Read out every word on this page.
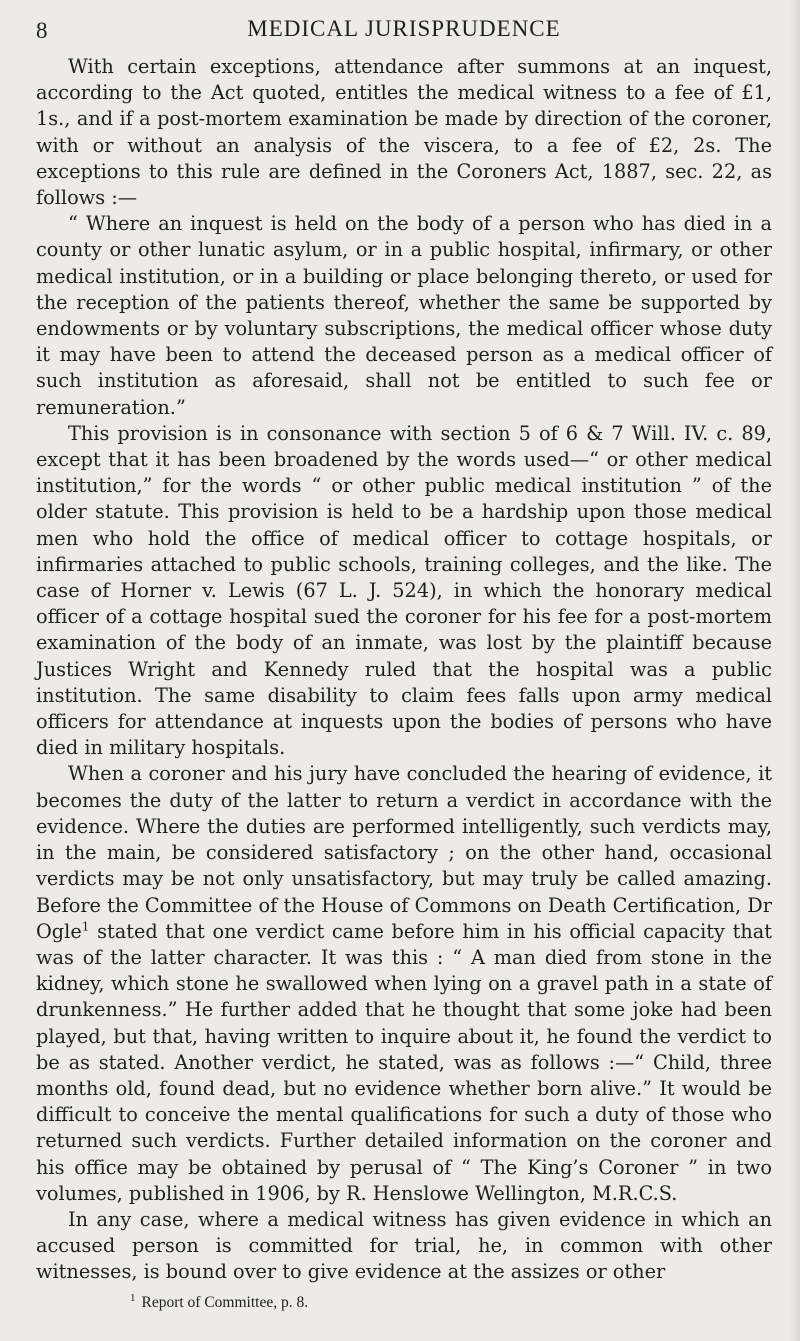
8	MEDICAL JURISPRUDENCE

With certain exceptions, attendance after summons at an inquest, according to the Act quoted, entitles the medical witness to a fee of £1, 1s., and if a post-mortem examination be made by direction of the coroner, with or without an analysis of the viscera, to a fee of £2, 2s. The exceptions to this rule are defined in the Coroners Act, 1887, sec. 22, as follows :—

“ Where an inquest is held on the body of a person who has died in a county or other lunatic asylum, or in a public hospital, infirmary, or other medical institution, or in a building or place belonging thereto, or used for the reception of the patients thereof, whether the same be supported by endowments or by voluntary subscriptions, the medical officer whose duty it may have been to attend the deceased person as a medical officer of such institution as aforesaid, shall not be entitled to such fee or remuneration.”

This provision is in consonance with section 5 of 6 & 7 Will. IV. c. 89, except that it has been broadened by the words used—“ or other medical institution,” for the words “ or other public medical institution ” of the older statute. This provision is held to be a hardship upon those medical men who hold the office of medical officer to cottage hospitals, or infirmaries attached to public schools, training colleges, and the like. The case of Horner v. Lewis (67 L. J. 524), in which the honorary medical officer of a cottage hospital sued the coroner for his fee for a post-mortem examination of the body of an inmate, was lost by the plaintiff because Justices Wright and Kennedy ruled that the hospital was a public institution. The same disability to claim fees falls upon army medical officers for attendance at inquests upon the bodies of persons who have died in military hospitals.

When a coroner and his jury have concluded the hearing of evidence, it becomes the duty of the latter to return a verdict in accordance with the evidence. Where the duties are performed intelligently, such verdicts may, in the main, be considered satisfactory ; on the other hand, occasional verdicts may be not only unsatisfactory, but may truly be called amazing. Before the Committee of the House of Commons on Death Certification, Dr Ogle$^1$ stated that one verdict came before him in his official capacity that was of the latter character. It was this : “ A man died from stone in the kidney, which stone he swallowed when lying on a gravel path in a state of drunkenness.” He further added that he thought that some joke had been played, but that, having written to inquire about it, he found the verdict to be as stated. Another verdict, he stated, was as follows :—“ Child, three months old, found dead, but no evidence whether born alive.” It would be difficult to conceive the mental qualifications for such a duty of those who returned such verdicts. Further detailed information on the coroner and his office may be obtained by perusal of “ The King’s Coroner ” in two volumes, published in 1906, by R. Henslowe Wellington, M.R.C.S.

In any case, where a medical witness has given evidence in which an accused person is committed for trial, he, in common with other witnesses, is bound over to give evidence at the assizes or other

$^1$ Report of Committee, p. 8.
